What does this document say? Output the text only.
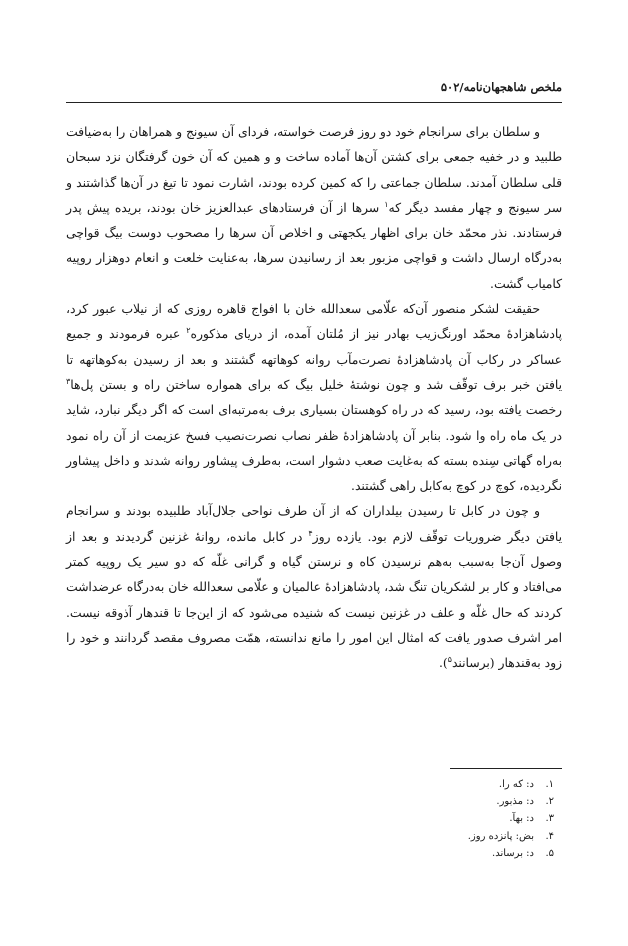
ملخص شاهجهان‌نامه/۵۰۲

و سلطان برای سرانجام خود دو روز فرصت خواسته، فردای آن سیونج و همراهان را به‌ضیافت طلبید و در خفیه جمعی برای کشتن آن‌ها آماده ساخت و و همین که آن خون گرفتگان نزد سبحان قلی سلطان آمدند. سلطان جماعتی را که کمین کرده بودند، اشارت نمود تا تیغ در آن‌ها گذاشتند و سر سیونج و چهار مفسد دیگر که$^۱$ سرها از آن فرستادهای عبدالعزیز خان بودند، بریده پیش پدر فرستادند. نذر محمّد خان برای اظهار یکجهتی و اخلاص آن سرها را مصحوب دوست بیگ قواچی به‌درگاه ارسال داشت و قواچی مزبور بعد از رسانیدن سرها، به‌عنایت خلعت و انعام دوهزار روپیه کامیاب گشت.

حقیقت لشکر منصور آن‌که علّامی سعدالله خان با افواج قاهره روزی که از نیلاب عبور کرد، پادشاهزادهٔ محمّد اورنگ‌زیب بهادر نیز از مُلتان آمده، از دریای مذکوره$^۲$ عبره فرمودند و جمیع عساکر در رکاب آن پادشاهزادهٔ نصرت‌مآب روانه کوهاتهه گشتند و بعد از رسیدن به‌کوهاتهه تا یافتن خبر برف توقّف شد و چون نوشتهٔ خلیل بیگ که برای همواره ساختن راه و بستن پل‌ها$^۳$ رخصت یافته بود، رسید که در راه کوهستان بسیاری برف به‌مرتبه‌ای است که اگر دیگر نبارد، شاید در یک ماه راه وا شود. بنابر آن پادشاهزادهٔ ظفر نصاب نصرت‌نصیب فسخ عزیمت از آن راه نمود به‌راه گهاتی سِنده بسته که به‌غایت صعب دشوار است، به‌طرف پیشاور روانه شدند و داخل پیشاور نگردیده، کوچ در کوچ به‌کابل راهی گشتند.

و چون در کابل تا رسیدن بیلداران که از آن طرف نواحی جلال‌آباد طلبیده بودند و سرانجام یافتن دیگر ضروریات توقّف لازم بود. یازده روز$^۴$ در کابل مانده، روانهٔ غزنین گردیدند و بعد از وصول آن‌جا به‌سبب به‌هم نرسیدن کاه و نرستن گیاه و گرانی غلّه که دو سیر یک روپیه کمتر می‌افتاد و کار بر لشکریان تنگ شد، پادشاهزادهٔ عالمیان و علّامی سعدالله خان به‌درگاه عرضداشت کردند که حال غلّه و علف در غزنین نیست که شنیده می‌شود که از این‌جا تا قندهار آذوقه نیست. امر اشرف صدور یافت که امثال این امور را مانع ندانسته، همّت مصروف مقصد گردانند و خود را زود به‌قندهار (برسانند$^۵$).

۱.
د: که را.
۲.
د: مذبور.
۳.
د: بهآ.
۴.
بض: پانزده روز.
۵.
د: برساند.
